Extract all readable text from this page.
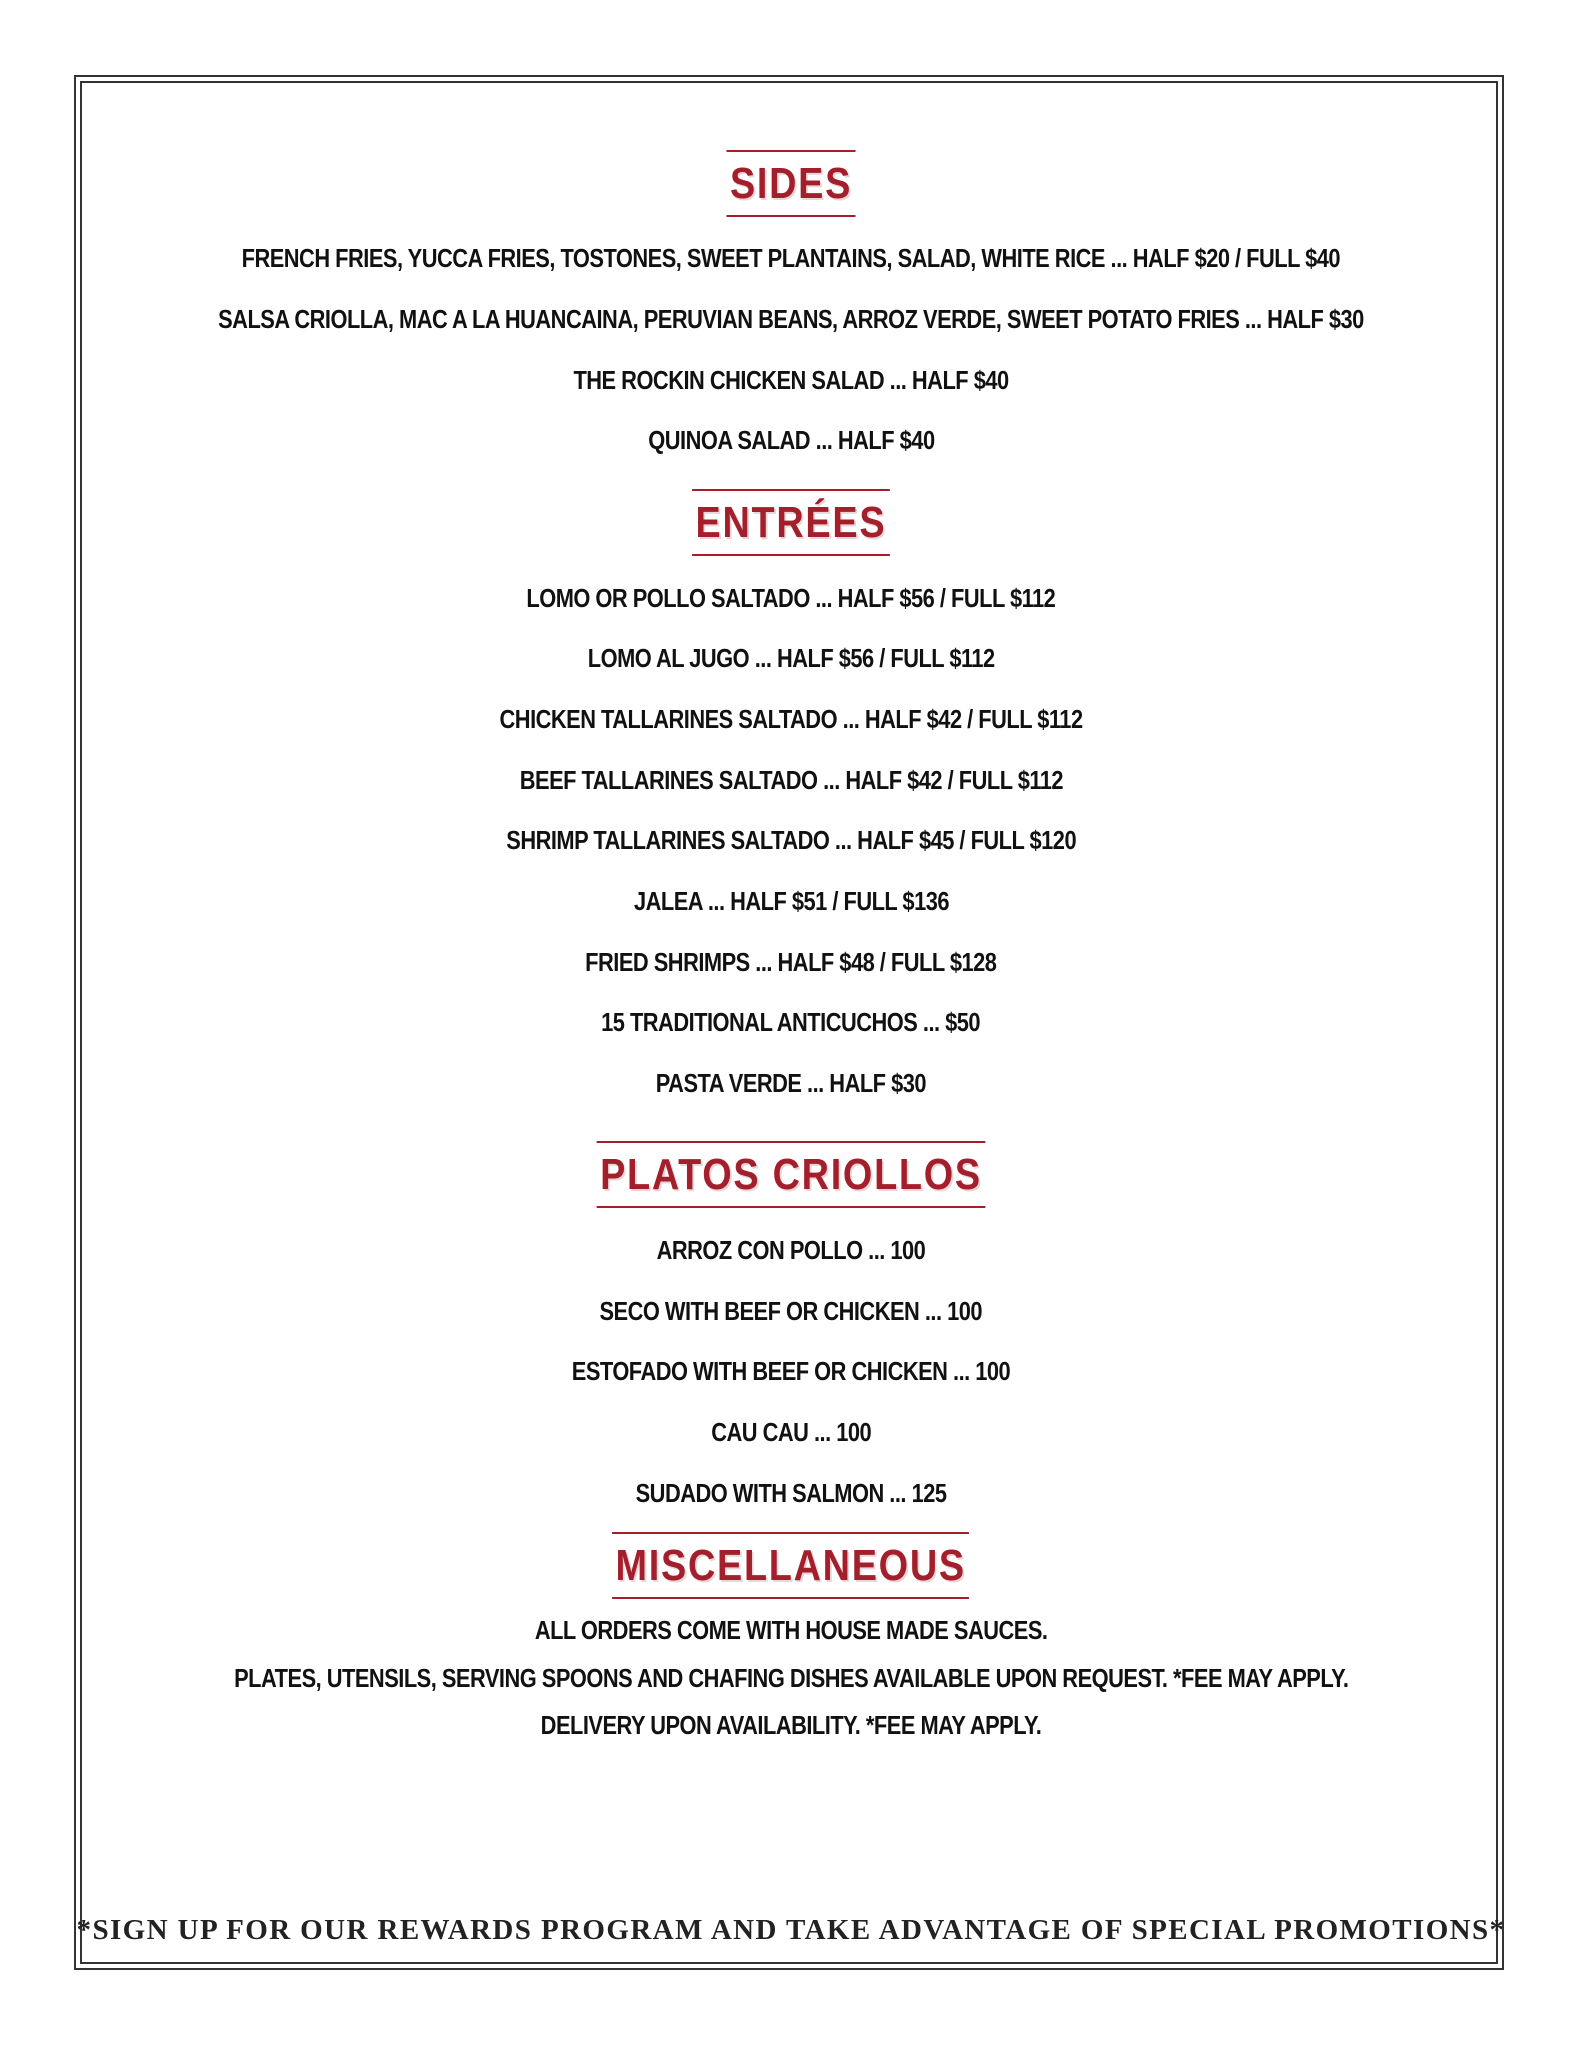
SIDES
FRENCH FRIES, YUCCA FRIES, TOSTONES, SWEET PLANTAINS, SALAD, WHITE RICE ... HALF $20 / FULL $40
SALSA CRIOLLA, MAC A LA HUANCAINA, PERUVIAN BEANS, ARROZ VERDE, SWEET POTATO FRIES ... HALF $30
THE ROCKIN CHICKEN SALAD ... HALF $40
QUINOA SALAD ... HALF $40
ENTRÉES
LOMO OR POLLO SALTADO ... HALF $56 / FULL $112
LOMO AL JUGO ... HALF $56 / FULL $112
CHICKEN TALLARINES SALTADO ... HALF $42 / FULL $112
BEEF TALLARINES SALTADO ... HALF $42 / FULL $112
SHRIMP TALLARINES SALTADO ... HALF $45 / FULL $120
JALEA ... HALF $51 / FULL $136
FRIED SHRIMPS ... HALF $48 / FULL $128
15 TRADITIONAL ANTICUCHOS ... $50
PASTA VERDE ... HALF $30
PLATOS CRIOLLOS
ARROZ CON POLLO ... 100
SECO WITH BEEF OR CHICKEN ... 100
ESTOFADO WITH BEEF OR CHICKEN ... 100
CAU CAU ... 100
SUDADO WITH SALMON ... 125
MISCELLANEOUS
ALL ORDERS COME WITH HOUSE MADE SAUCES.
PLATES, UTENSILS, SERVING SPOONS AND CHAFING DISHES AVAILABLE UPON REQUEST. *FEE MAY APPLY.
DELIVERY UPON AVAILABILITY. *FEE MAY APPLY.
*SIGN UP FOR OUR REWARDS PROGRAM AND TAKE ADVANTAGE OF SPECIAL PROMOTIONS*
